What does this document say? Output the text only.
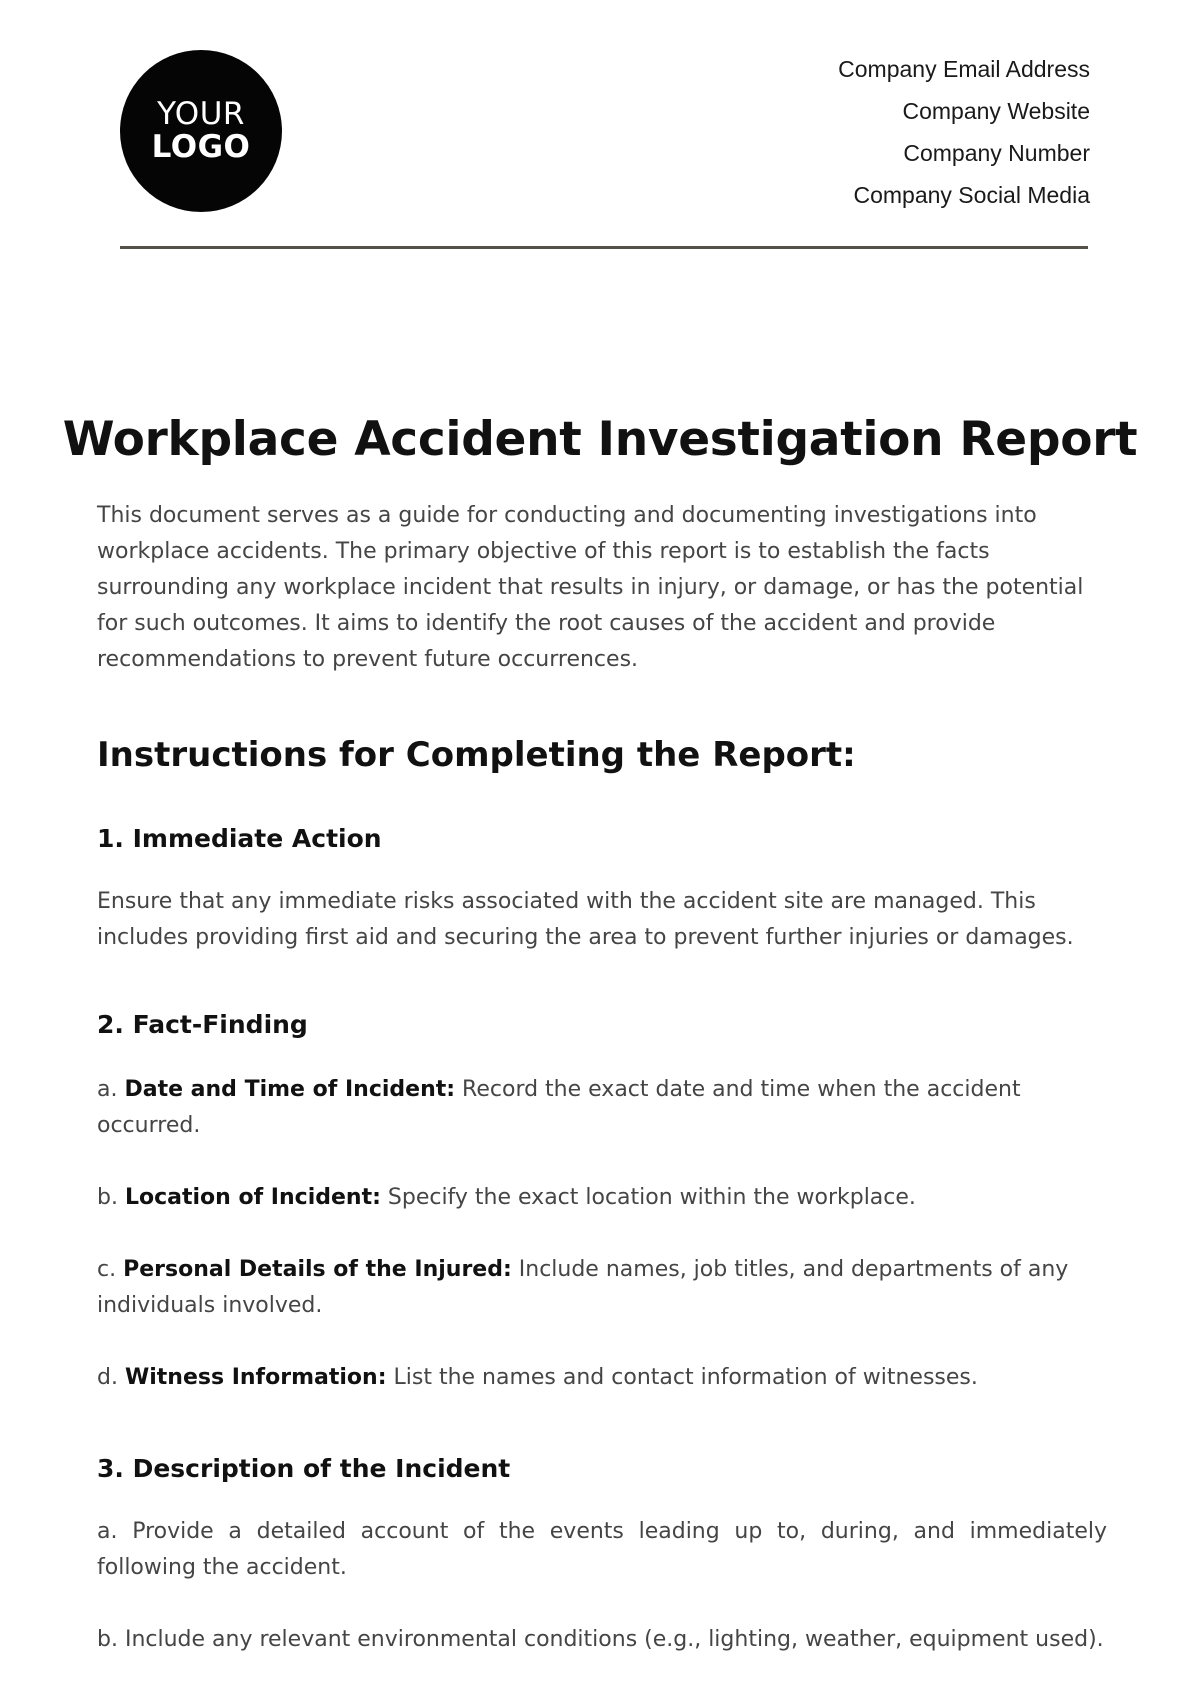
YOUR
LOGO
Company Email Address
Company Website
Company Number
Company Social Media
Workplace Accident Investigation Report

This document serves as a guide for conducting and documenting investigations into workplace accidents. The primary objective of this report is to establish the facts surrounding any workplace incident that results in injury, or damage, or has the potential for such outcomes. It aims to identify the root causes of the accident and provide recommendations to prevent future occurrences.

Instructions for Completing the Report:
1. Immediate Action

Ensure that any immediate risks associated with the accident site are managed. This includes providing first aid and securing the area to prevent further injuries or damages.

2. Fact-Finding

a. Date and Time of Incident: Record the exact date and time when the accident occurred.

b. Location of Incident: Specify the exact location within the workplace.

c. Personal Details of the Injured: Include names, job titles, and departments of any individuals involved.

d. Witness Information: List the names and contact information of witnesses.

3. Description of the Incident

a. Provide a detailed account of the events leading up to, during, and immediately following the accident.

b. Include any relevant environmental conditions (e.g., lighting, weather, equipment used).
